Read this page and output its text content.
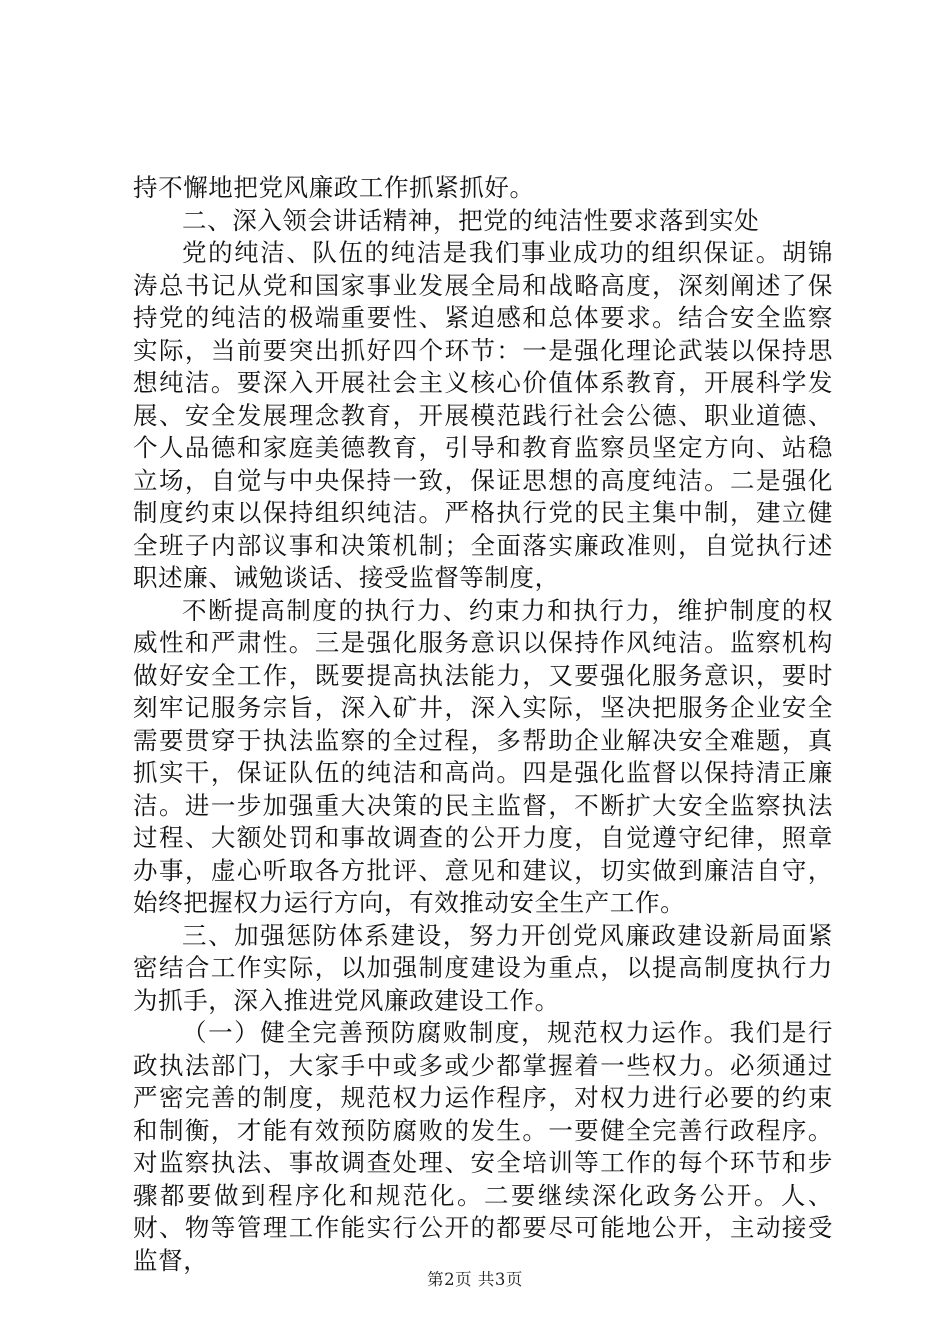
持不懈地把党风廉政工作抓紧抓好。

二、深入领会讲话精神，把党的纯洁性要求落到实处

党的纯洁、队伍的纯洁是我们事业成功的组织保证。胡锦涛总书记从党和国家事业发展全局和战略高度，深刻阐述了保持党的纯洁的极端重要性、紧迫感和总体要求。结合安全监察实际，当前要突出抓好四个环节：一是强化理论武装以保持思想纯洁。要深入开展社会主义核心价值体系教育，开展科学发展、安全发展理念教育，开展模范践行社会公德、职业道德、个人品德和家庭美德教育，引导和教育监察员坚定方向、站稳立场，自觉与中央保持一致，保证思想的高度纯洁。二是强化制度约束以保持组织纯洁。严格执行党的民主集中制，建立健全班子内部议事和决策机制；全面落实廉政准则，自觉执行述职述廉、诫勉谈话、接受监督等制度，

不断提高制度的执行力、约束力和执行力，维护制度的权威性和严肃性。三是强化服务意识以保持作风纯洁。监察机构做好安全工作，既要提高执法能力，又要强化服务意识，要时刻牢记服务宗旨，深入矿井，深入实际，坚决把服务企业安全需要贯穿于执法监察的全过程，多帮助企业解决安全难题，真抓实干，保证队伍的纯洁和高尚。四是强化监督以保持清正廉洁。进一步加强重大决策的民主监督，不断扩大安全监察执法过程、大额处罚和事故调查的公开力度，自觉遵守纪律，照章办事，虚心听取各方批评、意见和建议，切实做到廉洁自守，始终把握权力运行方向，有效推动安全生产工作。

三、加强惩防体系建设，努力开创党风廉政建设新局面紧密结合工作实际，以加强制度建设为重点，以提高制度执行力为抓手，深入推进党风廉政建设工作。

（一）健全完善预防腐败制度，规范权力运作。我们是行政执法部门，大家手中或多或少都掌握着一些权力。必须通过严密完善的制度，规范权力运作程序，对权力进行必要的约束和制衡，才能有效预防腐败的发生。一要健全完善行政程序。对监察执法、事故调查处理、安全培训等工作的每个环节和步骤都要做到程序化和规范化。二要继续深化政务公开。人、财、物等管理工作能实行公开的都要尽可能地公开，主动接受监督，

第2页 共3页
